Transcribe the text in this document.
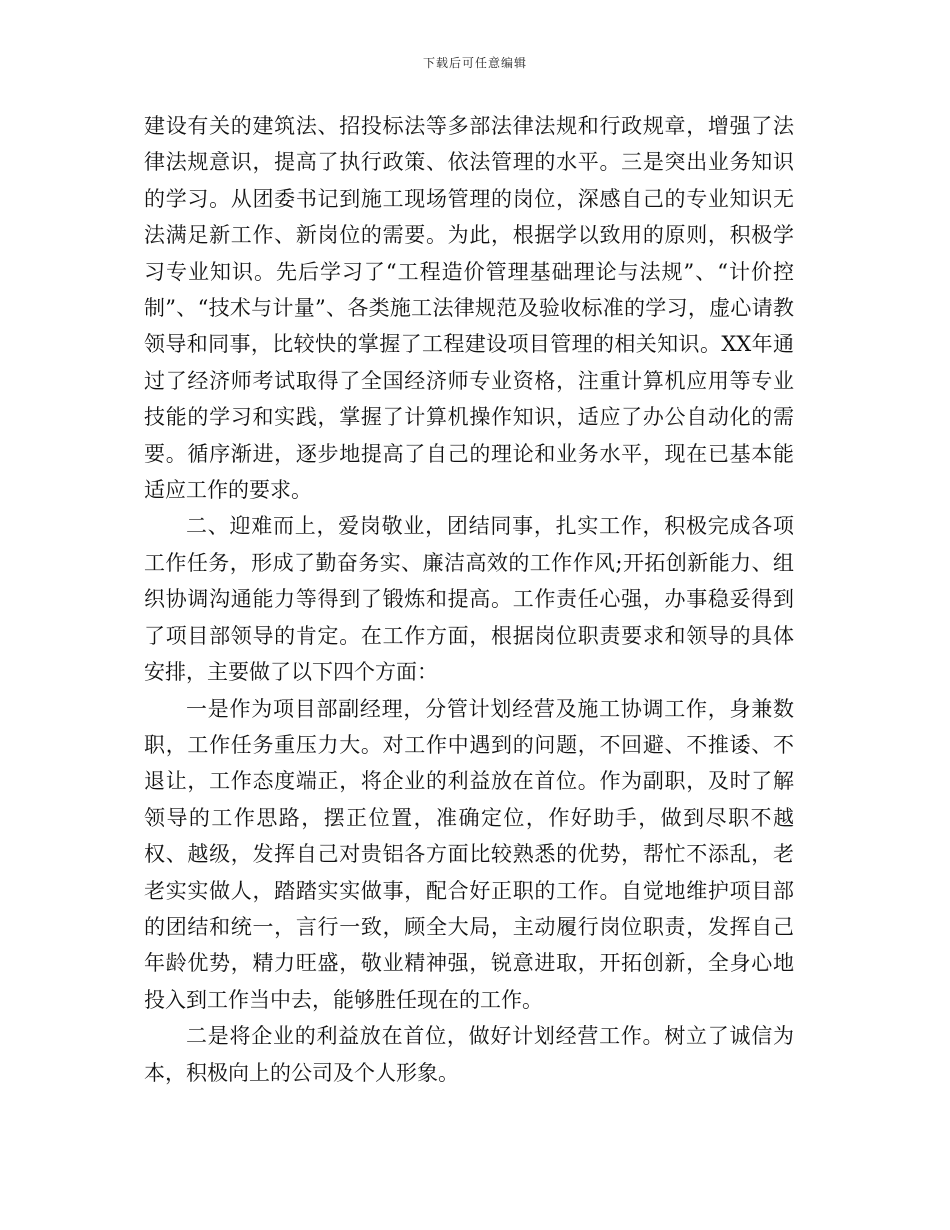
下载后可任意编辑

建设有关的建筑法、招投标法等多部法律法规和行政规章，增强了法律法规意识，提高了执行政策、依法管理的水平。三是突出业务知识的学习。从团委书记到施工现场管理的岗位，深感自己的专业知识无法满足新工作、新岗位的需要。为此，根据学以致用的原则，积极学习专业知识。先后学习了“工程造价管理基础理论与法规”、“计价控制”、“技术与计量”、各类施工法律规范及验收标准的学习，虚心请教领导和同事，比较快的掌握了工程建设项目管理的相关知识。XX年通过了经济师考试取得了全国经济师专业资格，注重计算机应用等专业技能的学习和实践，掌握了计算机操作知识，适应了办公自动化的需要。循序渐进，逐步地提高了自己的理论和业务水平，现在已基本能适应工作的要求。

二、迎难而上，爱岗敬业，团结同事，扎实工作，积极完成各项工作任务，形成了勤奋务实、廉洁高效的工作作风;开拓创新能力、组织协调沟通能力等得到了锻炼和提高。工作责任心强，办事稳妥得到了项目部领导的肯定。在工作方面，根据岗位职责要求和领导的具体安排，主要做了以下四个方面：

一是作为项目部副经理，分管计划经营及施工协调工作，身兼数职，工作任务重压力大。对工作中遇到的问题，不回避、不推诿、不退让，工作态度端正，将企业的利益放在首位。作为副职，及时了解领导的工作思路，摆正位置，准确定位，作好助手，做到尽职不越权、越级，发挥自己对贵铝各方面比较熟悉的优势，帮忙不添乱，老老实实做人，踏踏实实做事，配合好正职的工作。自觉地维护项目部的团结和统一，言行一致，顾全大局，主动履行岗位职责，发挥自己年龄优势，精力旺盛，敬业精神强，锐意进取，开拓创新，全身心地投入到工作当中去，能够胜任现在的工作。

二是将企业的利益放在首位，做好计划经营工作。树立了诚信为本，积极向上的公司及个人形象。
